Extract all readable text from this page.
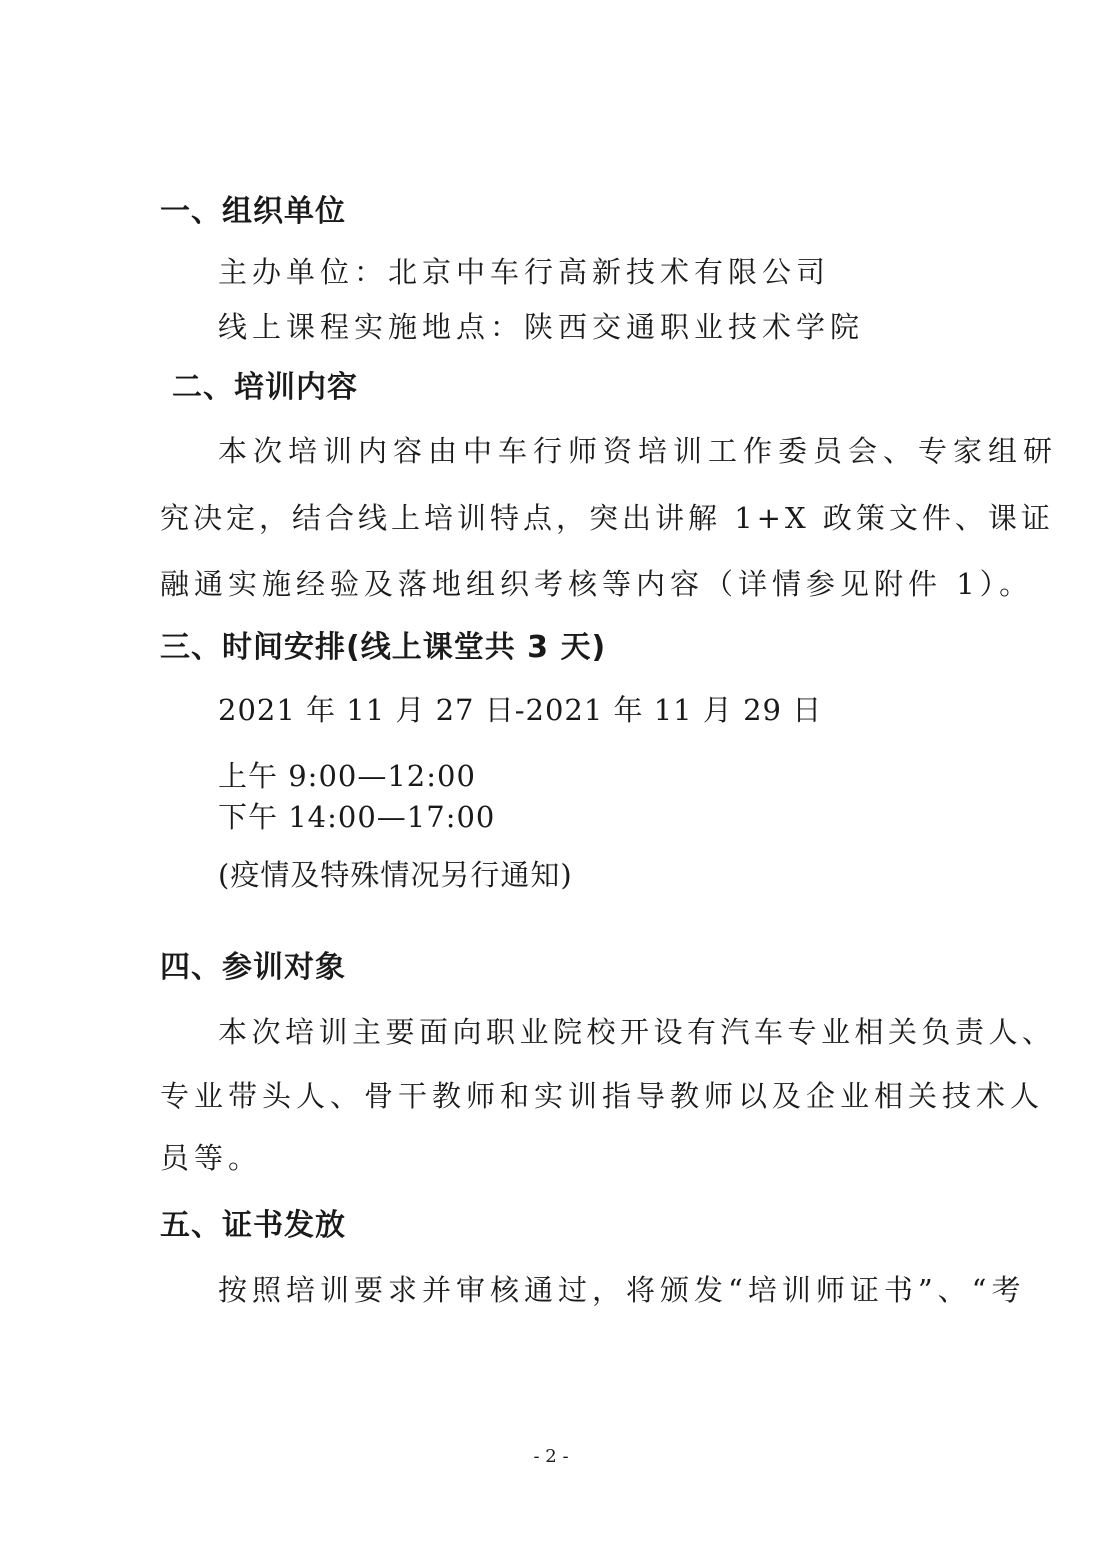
一、组织单位

主办单位：北京中车行高新技术有限公司

线上课程实施地点：陕西交通职业技术学院

二、培训内容

本次培训内容由中车行师资培训工作委员会、专家组研

究决定，结合线上培训特点，突出讲解 1+X 政策文件、课证

融通实施经验及落地组织考核等内容（详情参见附件 1）。

三、时间安排(线上课堂共 3 天)

2021 年 11 月 27 日-2021 年 11 月 29 日

上午 9:00—12:00

下午 14:00—17:00

(疫情及特殊情况另行通知)

四、参训对象

本次培训主要面向职业院校开设有汽车专业相关负责人、

专业带头人、骨干教师和实训指导教师以及企业相关技术人

员等。

五、证书发放

按照培训要求并审核通过，将颁发“培训师证书”、“考

- 2 -
